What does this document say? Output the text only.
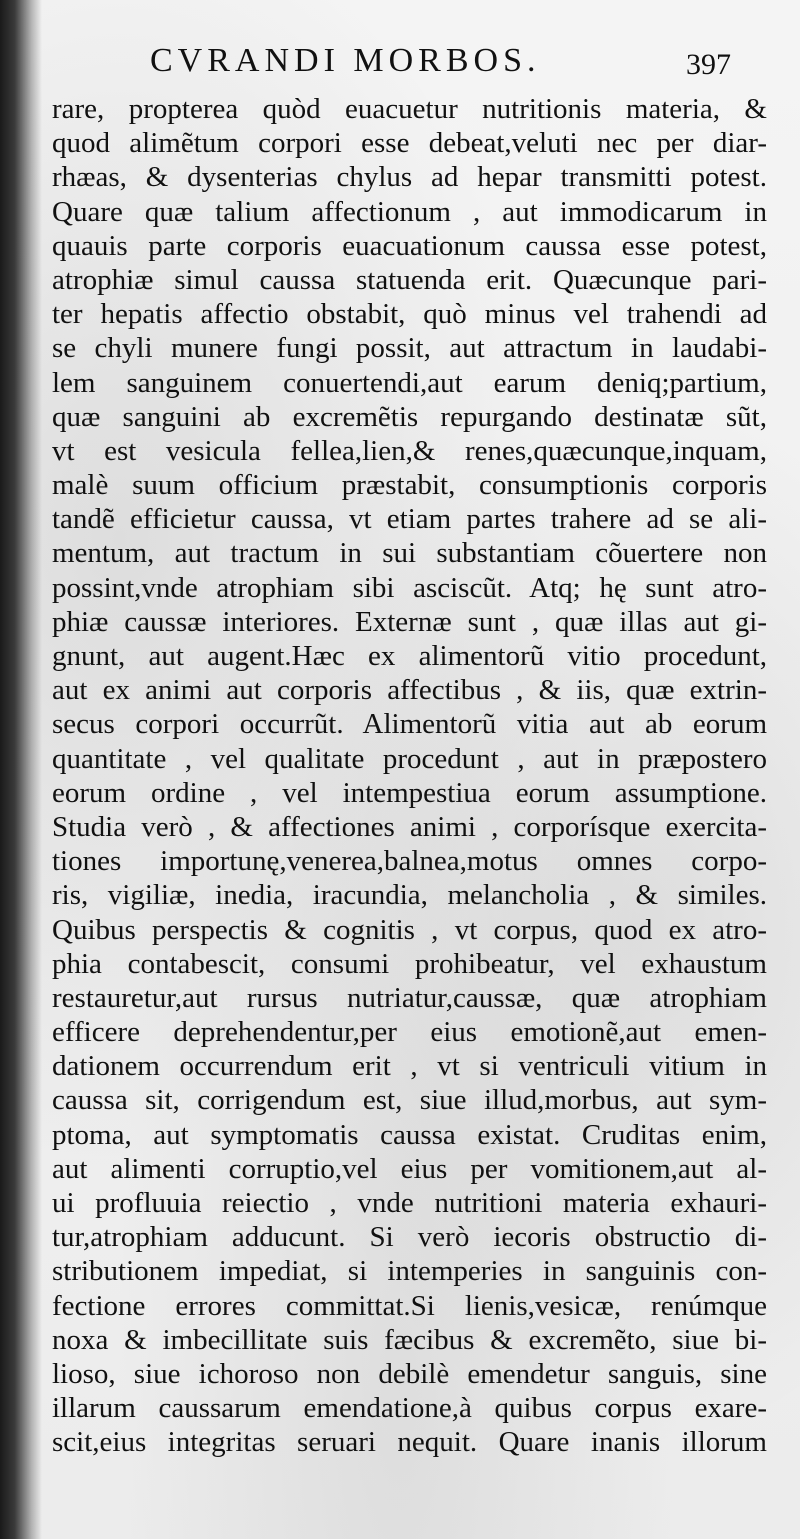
CVRANDI MORBOS.	397
rare, propterea quòd euacuetur nutritionis materia, &
quod alimẽtum corpori esse debeat,veluti nec per diar-
rhæas, & dysenterias chylus ad hepar transmitti potest.
Quare quæ talium affectionum , aut immodicarum in
quauis parte corporis euacuationum caussa esse potest,
atrophiæ simul caussa statuenda erit. Quæcunque pari-
ter hepatis affectio obstabit, quò minus vel trahendi ad
se chyli munere fungi possit, aut attractum in laudabi-
lem sanguinem conuertendi,aut earum deniq;partium,
quæ sanguini ab excremẽtis repurgando destinatæ sũt,
vt est vesicula fellea,lien,& renes,quæcunque,inquam,
malè suum officium præstabit, consumptionis corporis
tandẽ efficietur caussa, vt etiam partes trahere ad se ali-
mentum, aut tractum in sui substantiam cõuertere non
possint,vnde atrophiam sibi asciscũt. Atq; hę sunt atro-
phiæ caussæ interiores. Externæ sunt , quæ illas aut gi-
gnunt, aut augent.Hæc ex alimentorũ vitio procedunt,
aut ex animi aut corporis affectibus , & iis, quæ extrin-
secus corpori occurrũt. Alimentorũ vitia aut ab eorum
quantitate , vel qualitate procedunt , aut in præpostero
eorum ordine , vel intempestiua eorum assumptione.
Studia verò , & affectiones animi , corporísque exercita-
tiones importunę,venerea,balnea,motus omnes corpo-
ris, vigiliæ, inedia, iracundia, melancholia , & similes.
Quibus perspectis & cognitis , vt corpus, quod ex atro-
phia contabescit, consumi prohibeatur, vel exhaustum
restauretur,aut rursus nutriatur,caussæ, quæ atrophiam
efficere deprehendentur,per eius emotionẽ,aut emen-
dationem occurrendum erit , vt si ventriculi vitium in
caussa sit, corrigendum est, siue illud,morbus, aut sym-
ptoma, aut symptomatis caussa existat. Cruditas enim,
aut alimenti corruptio,vel eius per vomitionem,aut al-
ui profluuia reiectio , vnde nutritioni materia exhauri-
tur,atrophiam adducunt. Si verò iecoris obstructio di-
stributionem impediat, si intemperies in sanguinis con-
fectione errores committat.Si lienis,vesicæ, renúmque
noxa & imbecillitate suis fæcibus & excremẽto, siue bi-
lioso, siue ichoroso non debilè emendetur sanguis, sine
illarum caussarum emendatione,à quibus corpus exare-
scit,eius integritas seruari nequit. Quare inanis illorum
